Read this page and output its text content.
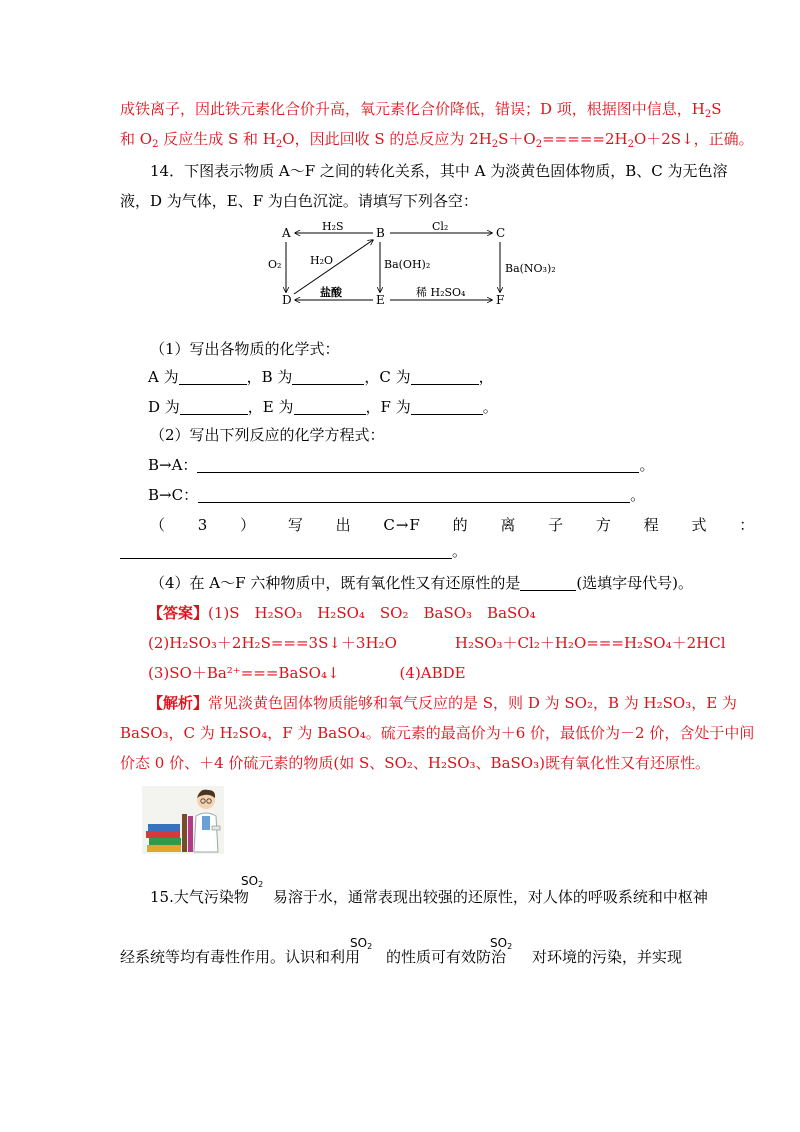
成铁离子，因此铁元素化合价升高，氧元素化合价降低，错误；D 项，根据图中信息，$H_2S$
和 $O_2$ 反应生成 S 和 $H_2O$，因此回收 S 的总反应为 $2H_2S+O_2=====2H_2O+2S↓$，正确。
14．下图表示物质 A～F 之间的转化关系，其中 A 为淡黄色固体物质，B、C 为无色溶
液，D 为气体，E、F 为白色沉淀。请填写下列各空：
A	B	C
D	E	F
H₂S	Cl₂
O₂	H₂O	Ba(OH)₂	Ba(NO₃)₂
盐酸	稀 H₂SO₄
（1）写出各物质的化学式：
A 为	，B 为	，C 为	，
D 为	，E 为	，F 为	。
（2）写出下列反应的化学方程式：
B→A：	。
B→C：	。
（ 3 ） 写 出 C→F 的 离 子 方 程 式 ：
。
（4）在 A～F 六种物质中，既有氧化性又有还原性的是	(选填字母代号)。
【答案】(1)S　H₂SO₃　H₂SO₄　SO₂　BaSO₃　BaSO₄
(2)H₂SO₃＋2H₂S===3S↓＋3H₂O	H₂SO₃＋Cl₂＋H₂O===H₂SO₄＋2HCl
(3)SO＋Ba²⁺===BaSO₄↓	(4)ABDE
【解析】常见淡黄色固体物质能够和氧气反应的是 S，则 D 为 SO₂，B 为 H₂SO₃，E 为
BaSO₃，C 为 H₂SO₄，F 为 BaSO₄。硫元素的最高价为＋6 价，最低价为－2 价，含处于中间
价态 0 价、＋4 价硫元素的物质(如 S、SO₂、H₂SO₃、BaSO₃)既有氧化性又有还原性。
$SO_2$
15.大气污染物 易溶于水，通常表现出较强的还原性，对人体的呼吸系统和中枢神
$SO_2$	$SO_2$
经系统等均有毒性作用。认识和利用 的性质可有效防治 对环境的污染，并实现
